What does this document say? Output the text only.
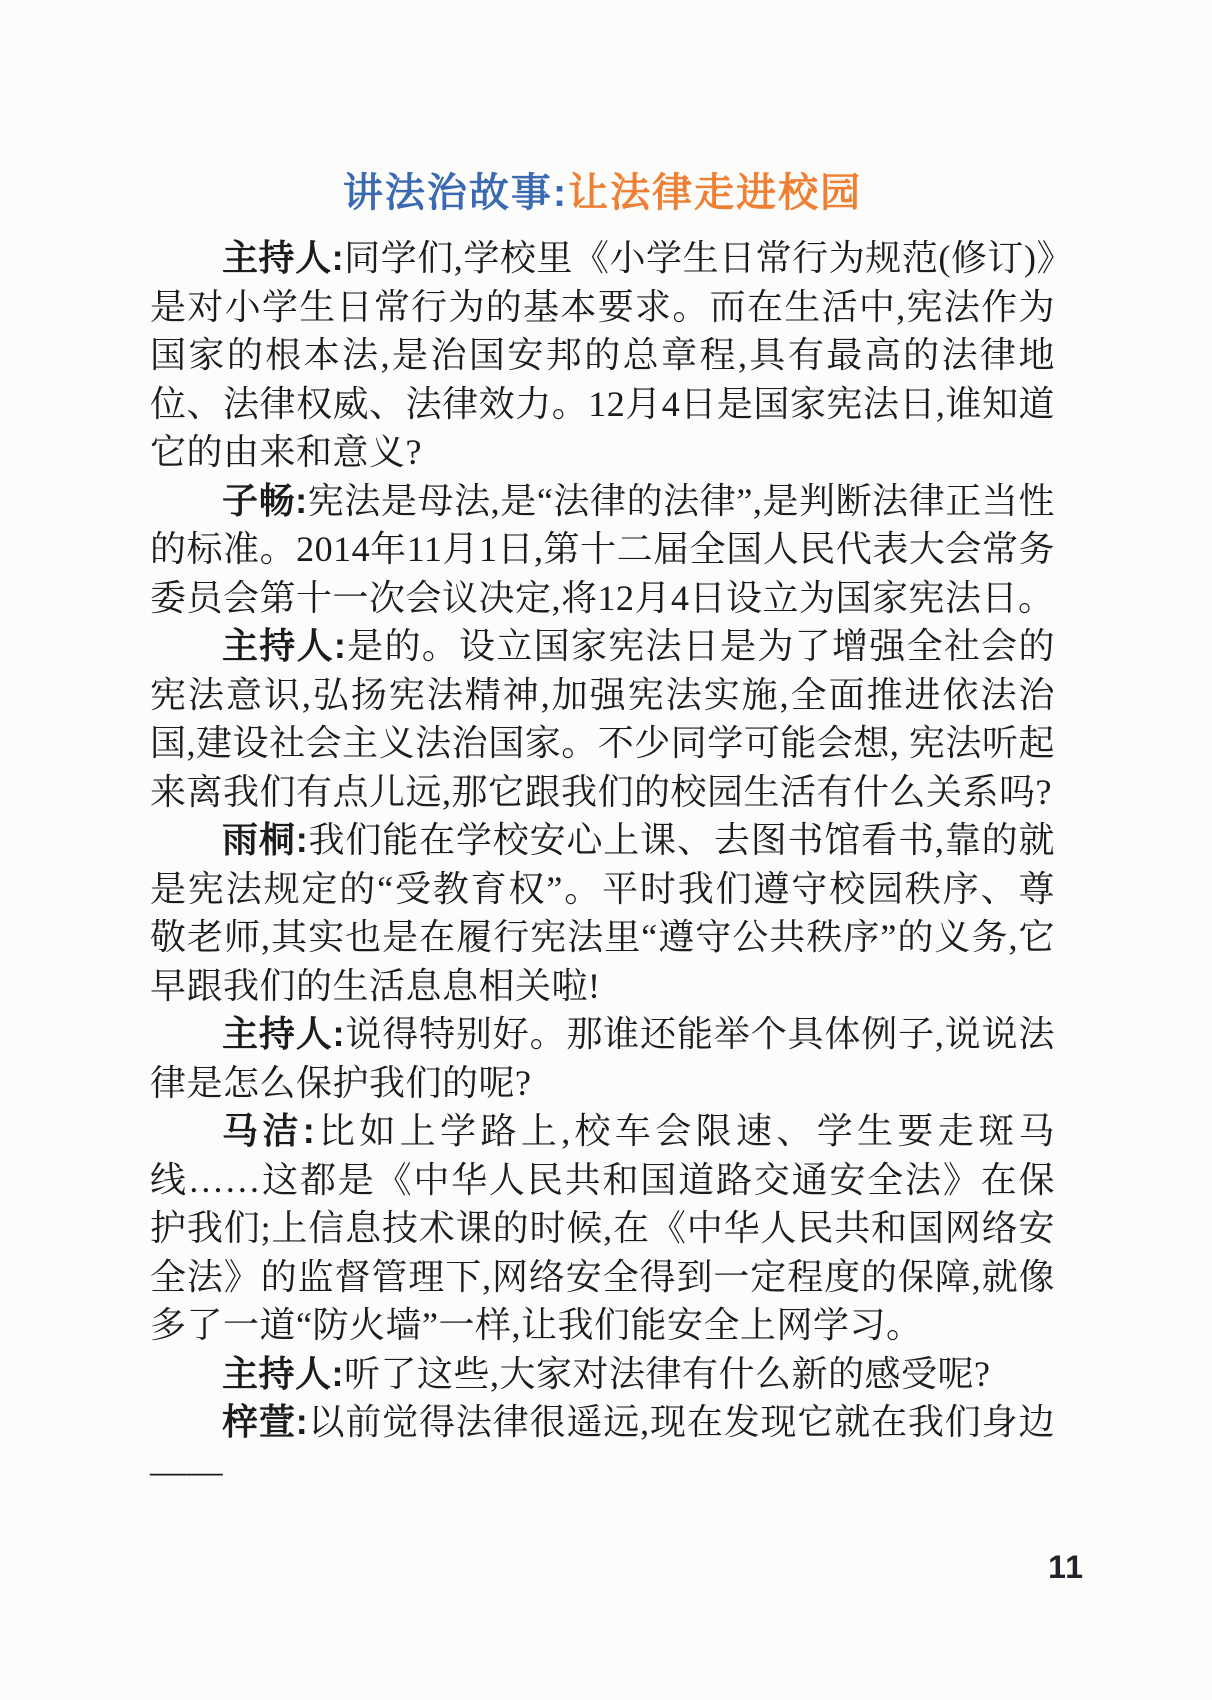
讲法治故事:让法律走进校园

主持人:同学们,学校里《小学生日常行为规范(修订)》是对小学生日常行为的基本要求。而在生活中,宪法作为国家的根本法,是治国安邦的总章程,具有最高的法律地位、法律权威、法律效力。12月4日是国家宪法日,谁知道它的由来和意义?

子畅:宪法是母法,是“法律的法律”,是判断法律正当性的标准。2014年11月1日,第十二届全国人民代表大会常务委员会第十一次会议决定,将12月4日设立为国家宪法日。

主持人:是的。设立国家宪法日是为了增强全社会的宪法意识,弘扬宪法精神,加强宪法实施,全面推进依法治国,建设社会主义法治国家。不少同学可能会想, 宪法听起来离我们有点儿远,那它跟我们的校园生活有什么关系吗?

雨桐:我们能在学校安心上课、去图书馆看书,靠的就是宪法规定的“受教育权”。平时我们遵守校园秩序、尊敬老师,其实也是在履行宪法里“遵守公共秩序”的义务,它早跟我们的生活息息相关啦!

主持人:说得特别好。那谁还能举个具体例子,说说法律是怎么保护我们的呢?

马洁:比如上学路上,校车会限速、学生要走斑马线……这都是《中华人民共和国道路交通安全法》在保护我们;上信息技术课的时候,在《中华人民共和国网络安全法》的监督管理下,网络安全得到一定程度的保障,就像多了一道“防火墙”一样,让我们能安全上网学习。

主持人:听了这些,大家对法律有什么新的感受呢?

梓萱:以前觉得法律很遥远,现在发现它就在我们身边——

11
